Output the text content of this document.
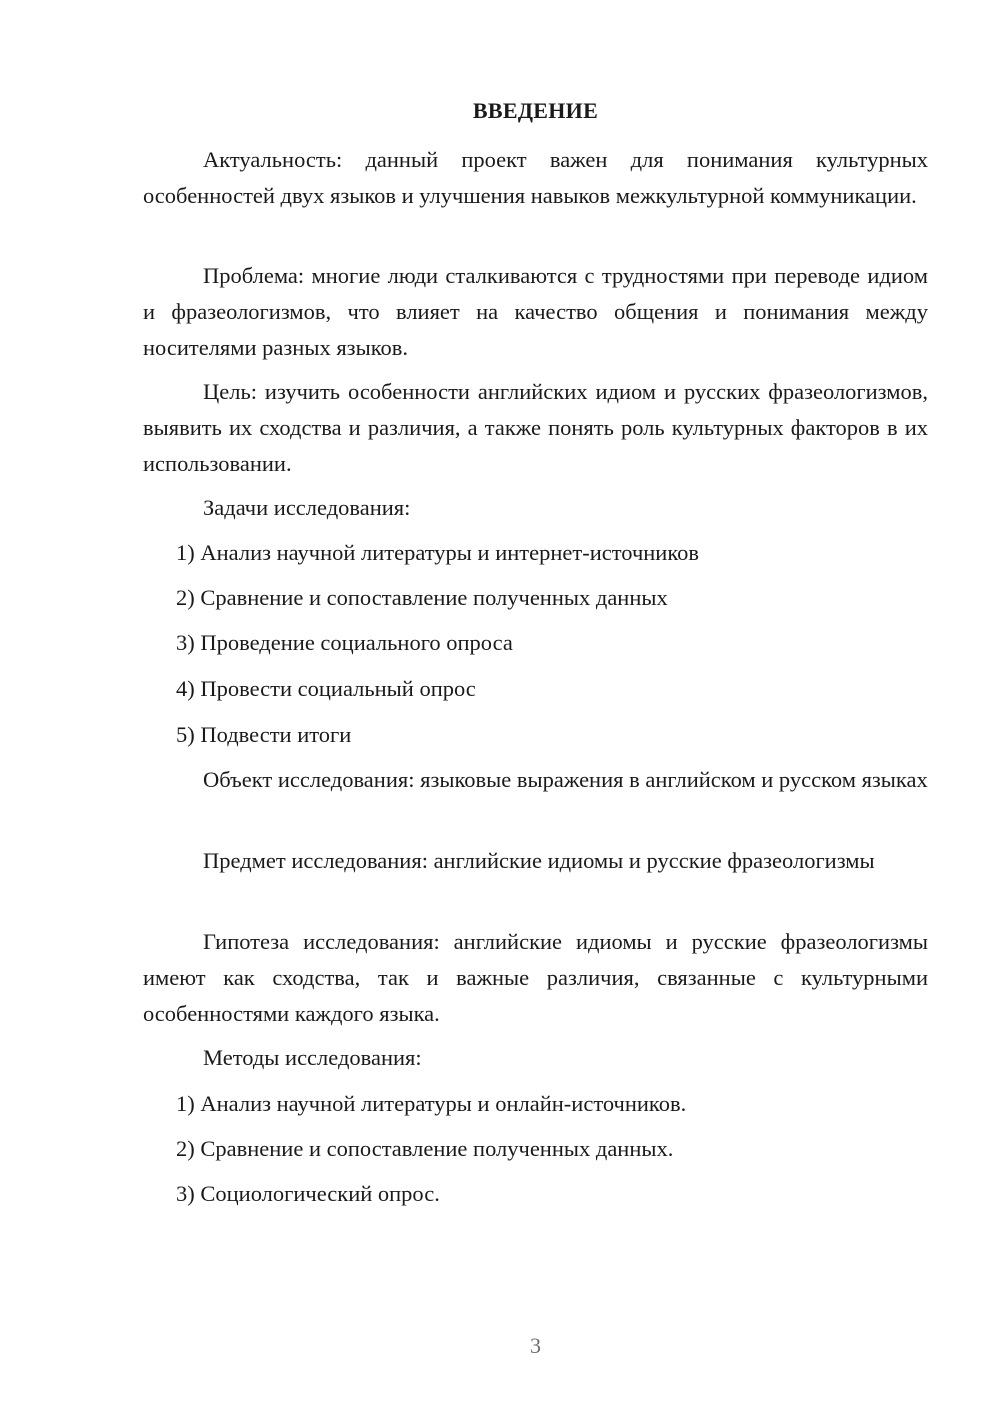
ВВЕДЕНИЕ

Актуальность: данный проект важен для понимания культурных особенностей двух языков и улучшения навыков межкультурной коммуникации.

Проблема: многие люди сталкиваются с трудностями при переводе идиом и фразеологизмов, что влияет на качество общения и понимания между носителями разных языков.

Цель: изучить особенности английских идиом и русских фразеологизмов, выявить их сходства и различия, а также понять роль культурных факторов в их использовании.

Задачи исследования:

1) Анализ научной литературы и интернет-источников

2) Сравнение и сопоставление полученных данных

3) Проведение социального опроса

4) Провести социальный опрос

5) Подвести итоги

Объект исследования: языковые выражения в английском и русском языках

Предмет исследования: английские идиомы и русские фразеологизмы

Гипотеза исследования: английские идиомы и русские фразеологизмы имеют как сходства, так и важные различия, связанные с культурными особенностями каждого языка.

Методы исследования:

1) Анализ научной литературы и онлайн-источников.

2) Сравнение и сопоставление полученных данных.

3) Социологический опрос.

3
